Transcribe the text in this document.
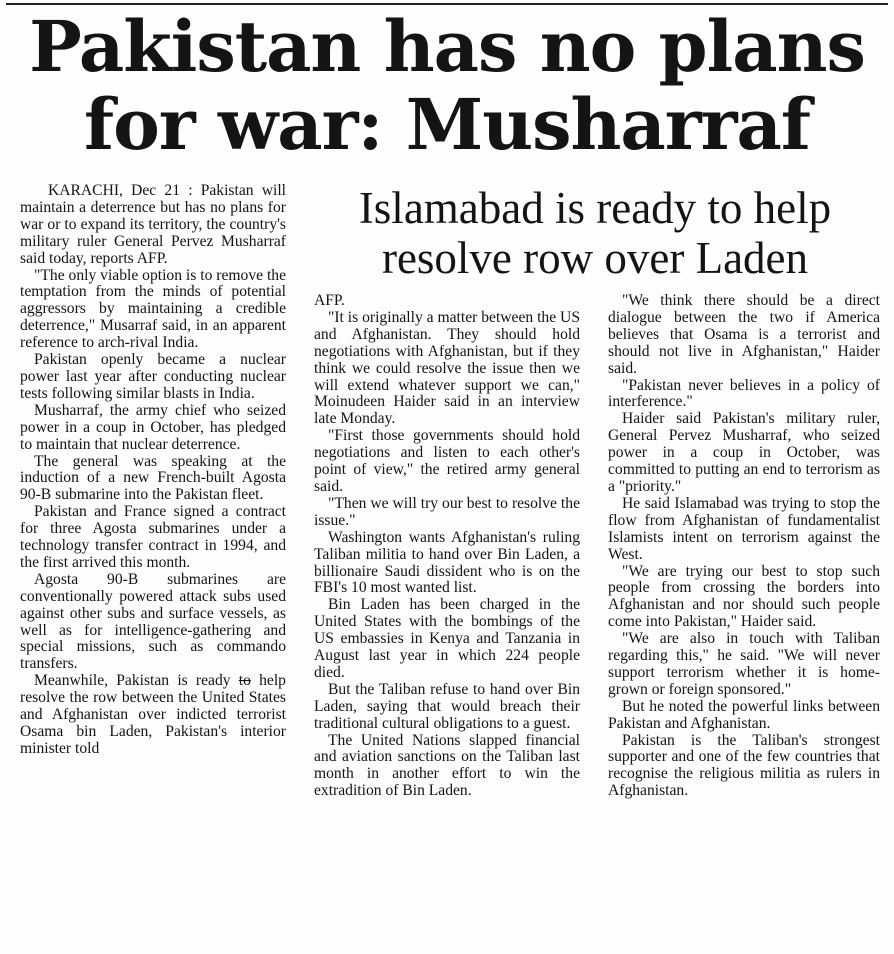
Pakistan has no plans
for war: Musharraf

KARACHI, Dec 21 : Pakistan will maintain a deterrence but has no plans for war or to expand its territory, the country's military ruler General Pervez Musharraf said today, reports AFP.

"The only viable option is to remove the temptation from the minds of potential aggressors by maintaining a credible deterrence," Musarraf said, in an apparent reference to arch-rival India.

Pakistan openly became a nuclear power last year after conducting nuclear tests following similar blasts in India.

Musharraf, the army chief who seized power in a coup in October, has pledged to maintain that nuclear deterrence.

The general was speaking at the induction of a new French-built Agosta 90-B submarine into the Pakistan fleet.

Pakistan and France signed a contract for three Agosta submarines under a technology transfer contract in 1994, and the first arrived this month.

Agosta 90-B submarines are conventionally powered attack subs used against other subs and surface vessels, as well as for intelligence-gathering and special missions, such as commando transfers.

Meanwhile, Pakistan is ready to help resolve the row between the United States and Afghanistan over indicted terrorist Osama bin Laden, Pakistan's interior minister told

Islamabad is ready to help
resolve row over Laden

AFP.

"It is originally a matter between the US and Afghanistan. They should hold negotiations with Afghanistan, but if they think we could resolve the issue then we will extend whatever support we can," Moinudeen Haider said in an interview late Monday.

"First those governments should hold negotiations and listen to each other's point of view," the retired army general said.

"Then we will try our best to resolve the issue."

Washington wants Afghanistan's ruling Taliban militia to hand over Bin Laden, a billionaire Saudi dissident who is on the FBI's 10 most wanted list.

Bin Laden has been charged in the United States with the bombings of the US embassies in Kenya and Tanzania in August last year in which 224 people died.

But the Taliban refuse to hand over Bin Laden, saying that would breach their traditional cultural obligations to a guest.

The United Nations slapped financial and aviation sanctions on the Taliban last month in another effort to win the extradition of Bin Laden.

"We think there should be a direct dialogue between the two if America believes that Osama is a terrorist and should not live in Afghanistan," Haider said.

"Pakistan never believes in a policy of interference."

Haider said Pakistan's military ruler, General Pervez Musharraf, who seized power in a coup in October, was committed to putting an end to terrorism as a "priority."

He said Islamabad was trying to stop the flow from Afghanistan of fundamentalist Islamists intent on terrorism against the West.

"We are trying our best to stop such people from crossing the borders into Afghanistan and nor should such people come into Pakistan," Haider said.

"We are also in touch with Taliban regarding this," he said. "We will never support terrorism whether it is home-grown or foreign sponsored."

But he noted the powerful links between Pakistan and Afghanistan.

Pakistan is the Taliban's strongest supporter and one of the few countries that recognise the religious militia as rulers in Afghanistan.
